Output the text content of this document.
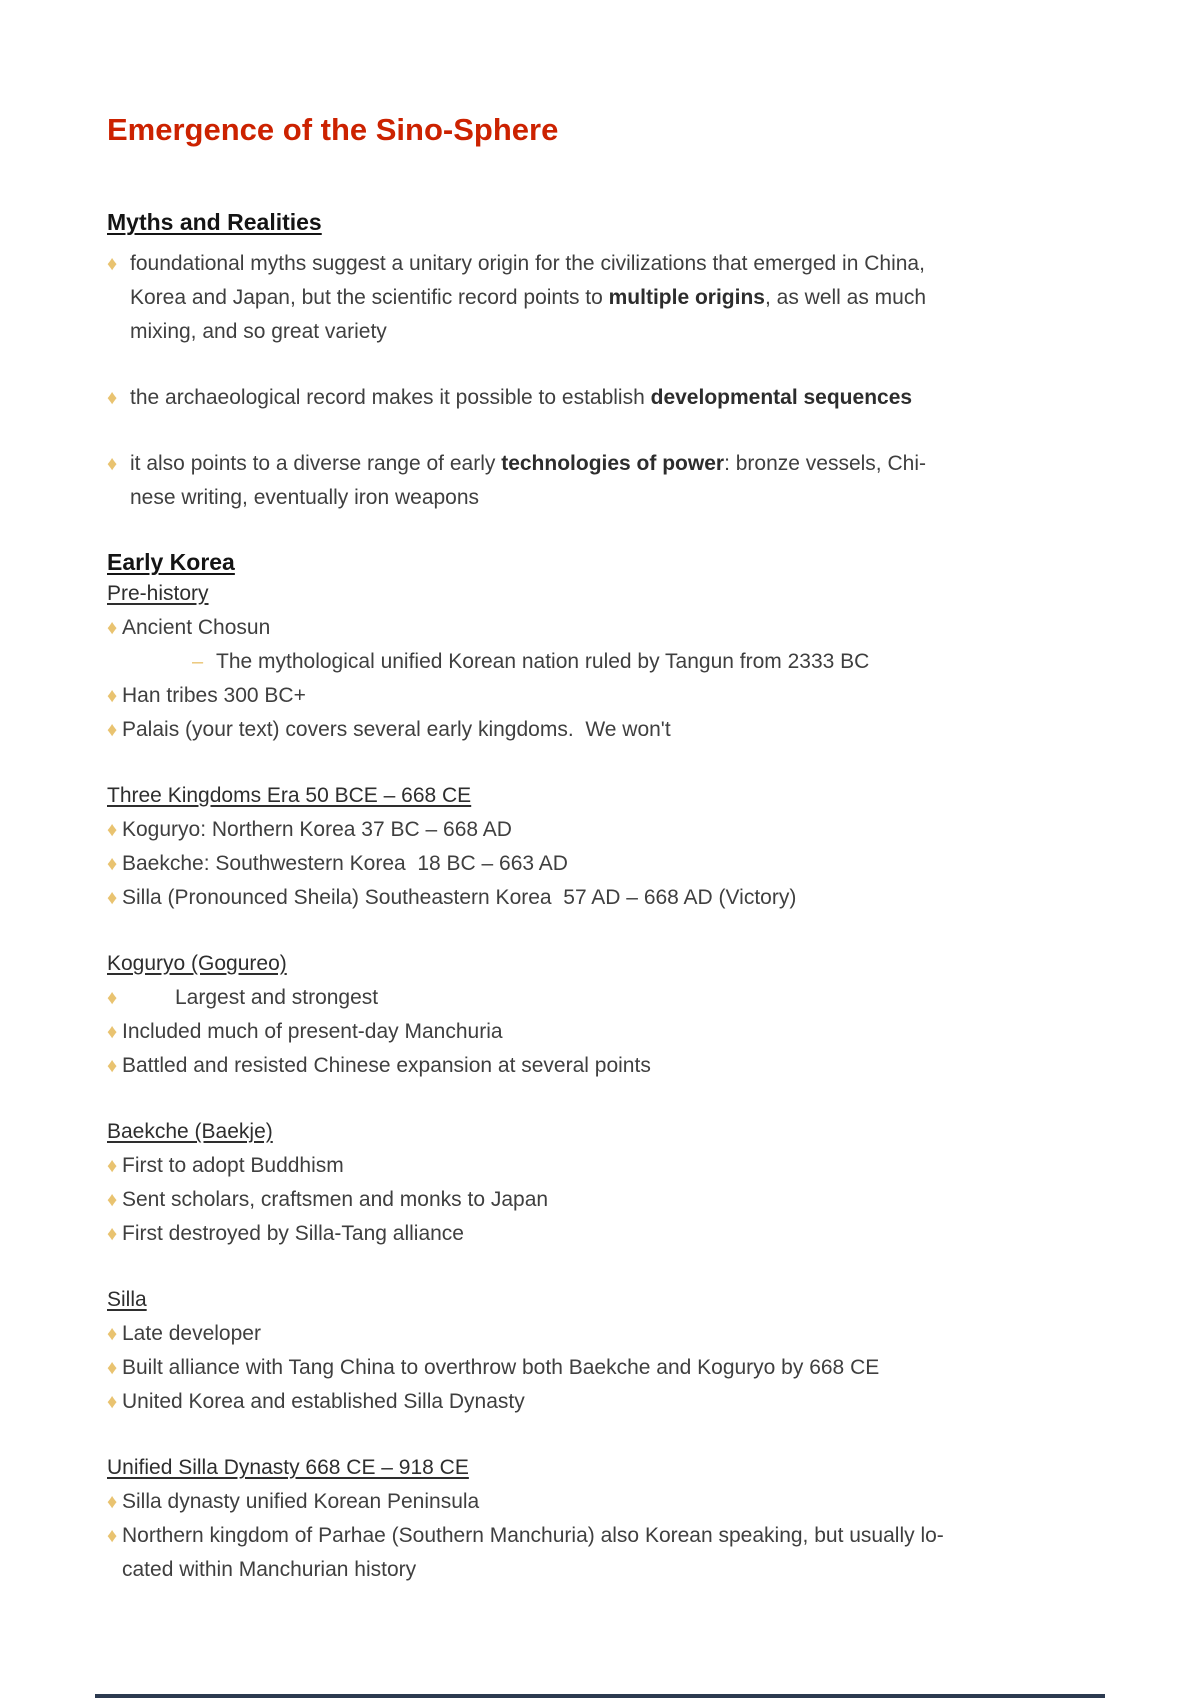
Emergence of the Sino-Sphere
Myths and Realities
♦ foundational myths suggest a unitary origin for the civilizations that emerged in China,
Korea and Japan, but the scientific record points to multiple origins, as well as much
mixing, and so great variety
♦ the archaeological record makes it possible to establish developmental sequences
♦ it also points to a diverse range of early technologies of power: bronze vessels, Chi-
nese writing, eventually iron weapons
Early Korea
Pre-history
♦ Ancient Chosun
– The mythological unified Korean nation ruled by Tangun from 2333 BC
♦ Han tribes 300 BC+
♦ Palais (your text) covers several early kingdoms.  We won't
Three Kingdoms Era 50 BCE – 668 CE
♦ Koguryo: Northern Korea 37 BC – 668 AD
♦ Baekche: Southwestern Korea  18 BC – 663 AD
♦ Silla (Pronounced Sheila) Southeastern Korea  57 AD – 668 AD (Victory)
Koguryo (Gogureo)
♦	Largest and strongest
♦ Included much of present-day Manchuria
♦ Battled and resisted Chinese expansion at several points
Baekche (Baekje)
♦ First to adopt Buddhism
♦ Sent scholars, craftsmen and monks to Japan
♦ First destroyed by Silla-Tang alliance
Silla
♦ Late developer
♦ Built alliance with Tang China to overthrow both Baekche and Koguryo by 668 CE
♦ United Korea and established Silla Dynasty
Unified Silla Dynasty 668 CE – 918 CE
♦ Silla dynasty unified Korean Peninsula
♦ Northern kingdom of Parhae (Southern Manchuria) also Korean speaking, but usually lo-
cated within Manchurian history
